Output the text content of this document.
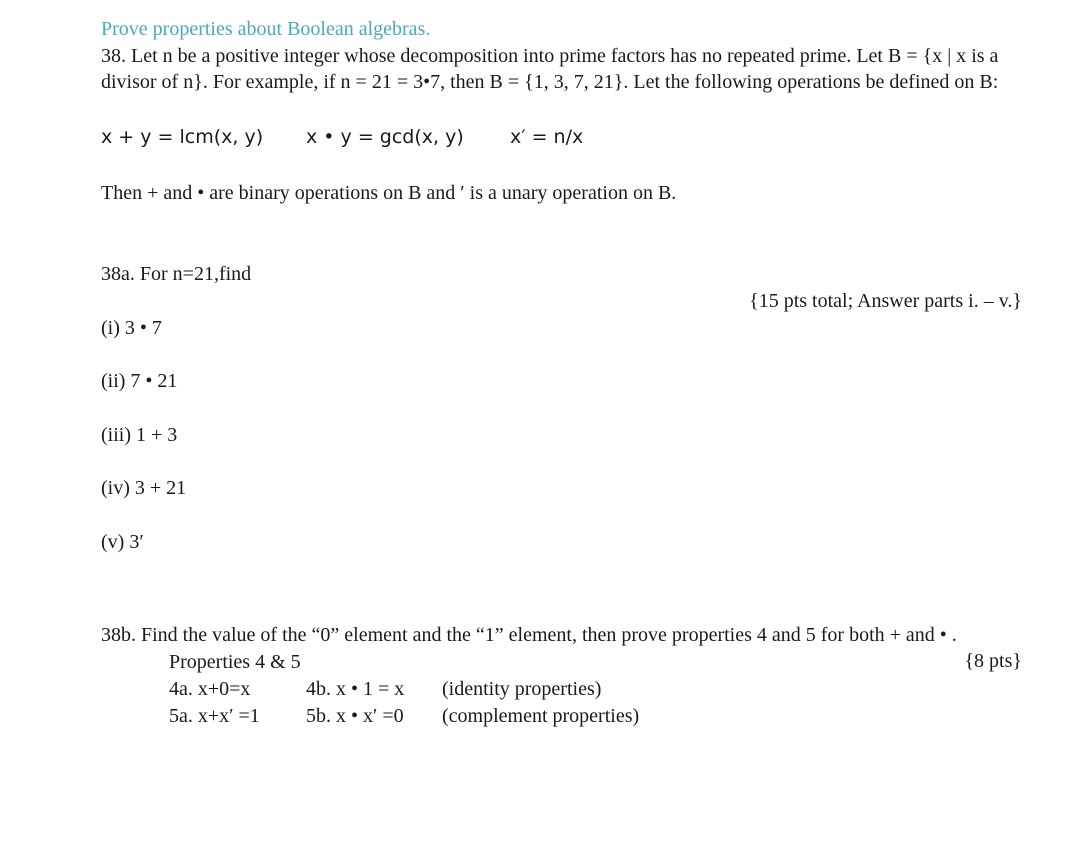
Prove properties about Boolean algebras.

38. Let n be a positive integer whose decomposition into prime factors has no repeated prime. Let B = {x | x is a divisor of n}. For example, if n = 21 = 3•7, then B = {1, 3, 7, 21}. Let the following operations be defined on B:

x + y = lcm(x, y) x • y = gcd(x, y) x′ = n/x

Then + and • are binary operations on B and ′ is a unary operation on B.

38a. For n=21,find

{15 pts total; Answer parts i. – v.}

(i) 3 • 7

(ii) 7 • 21

(iii) 1 + 3

(iv) 3 + 21

(v) 3′

38b. Find the value of the “0” element and the “1” element, then prove properties 4 and 5 for both + and • .

{8 pts}
Properties 4 & 5
4a. x+0=x	4b. x • 1 = x (identity properties)
5a. x+x′ =1 5b. x • x′ =0 (complement properties)
